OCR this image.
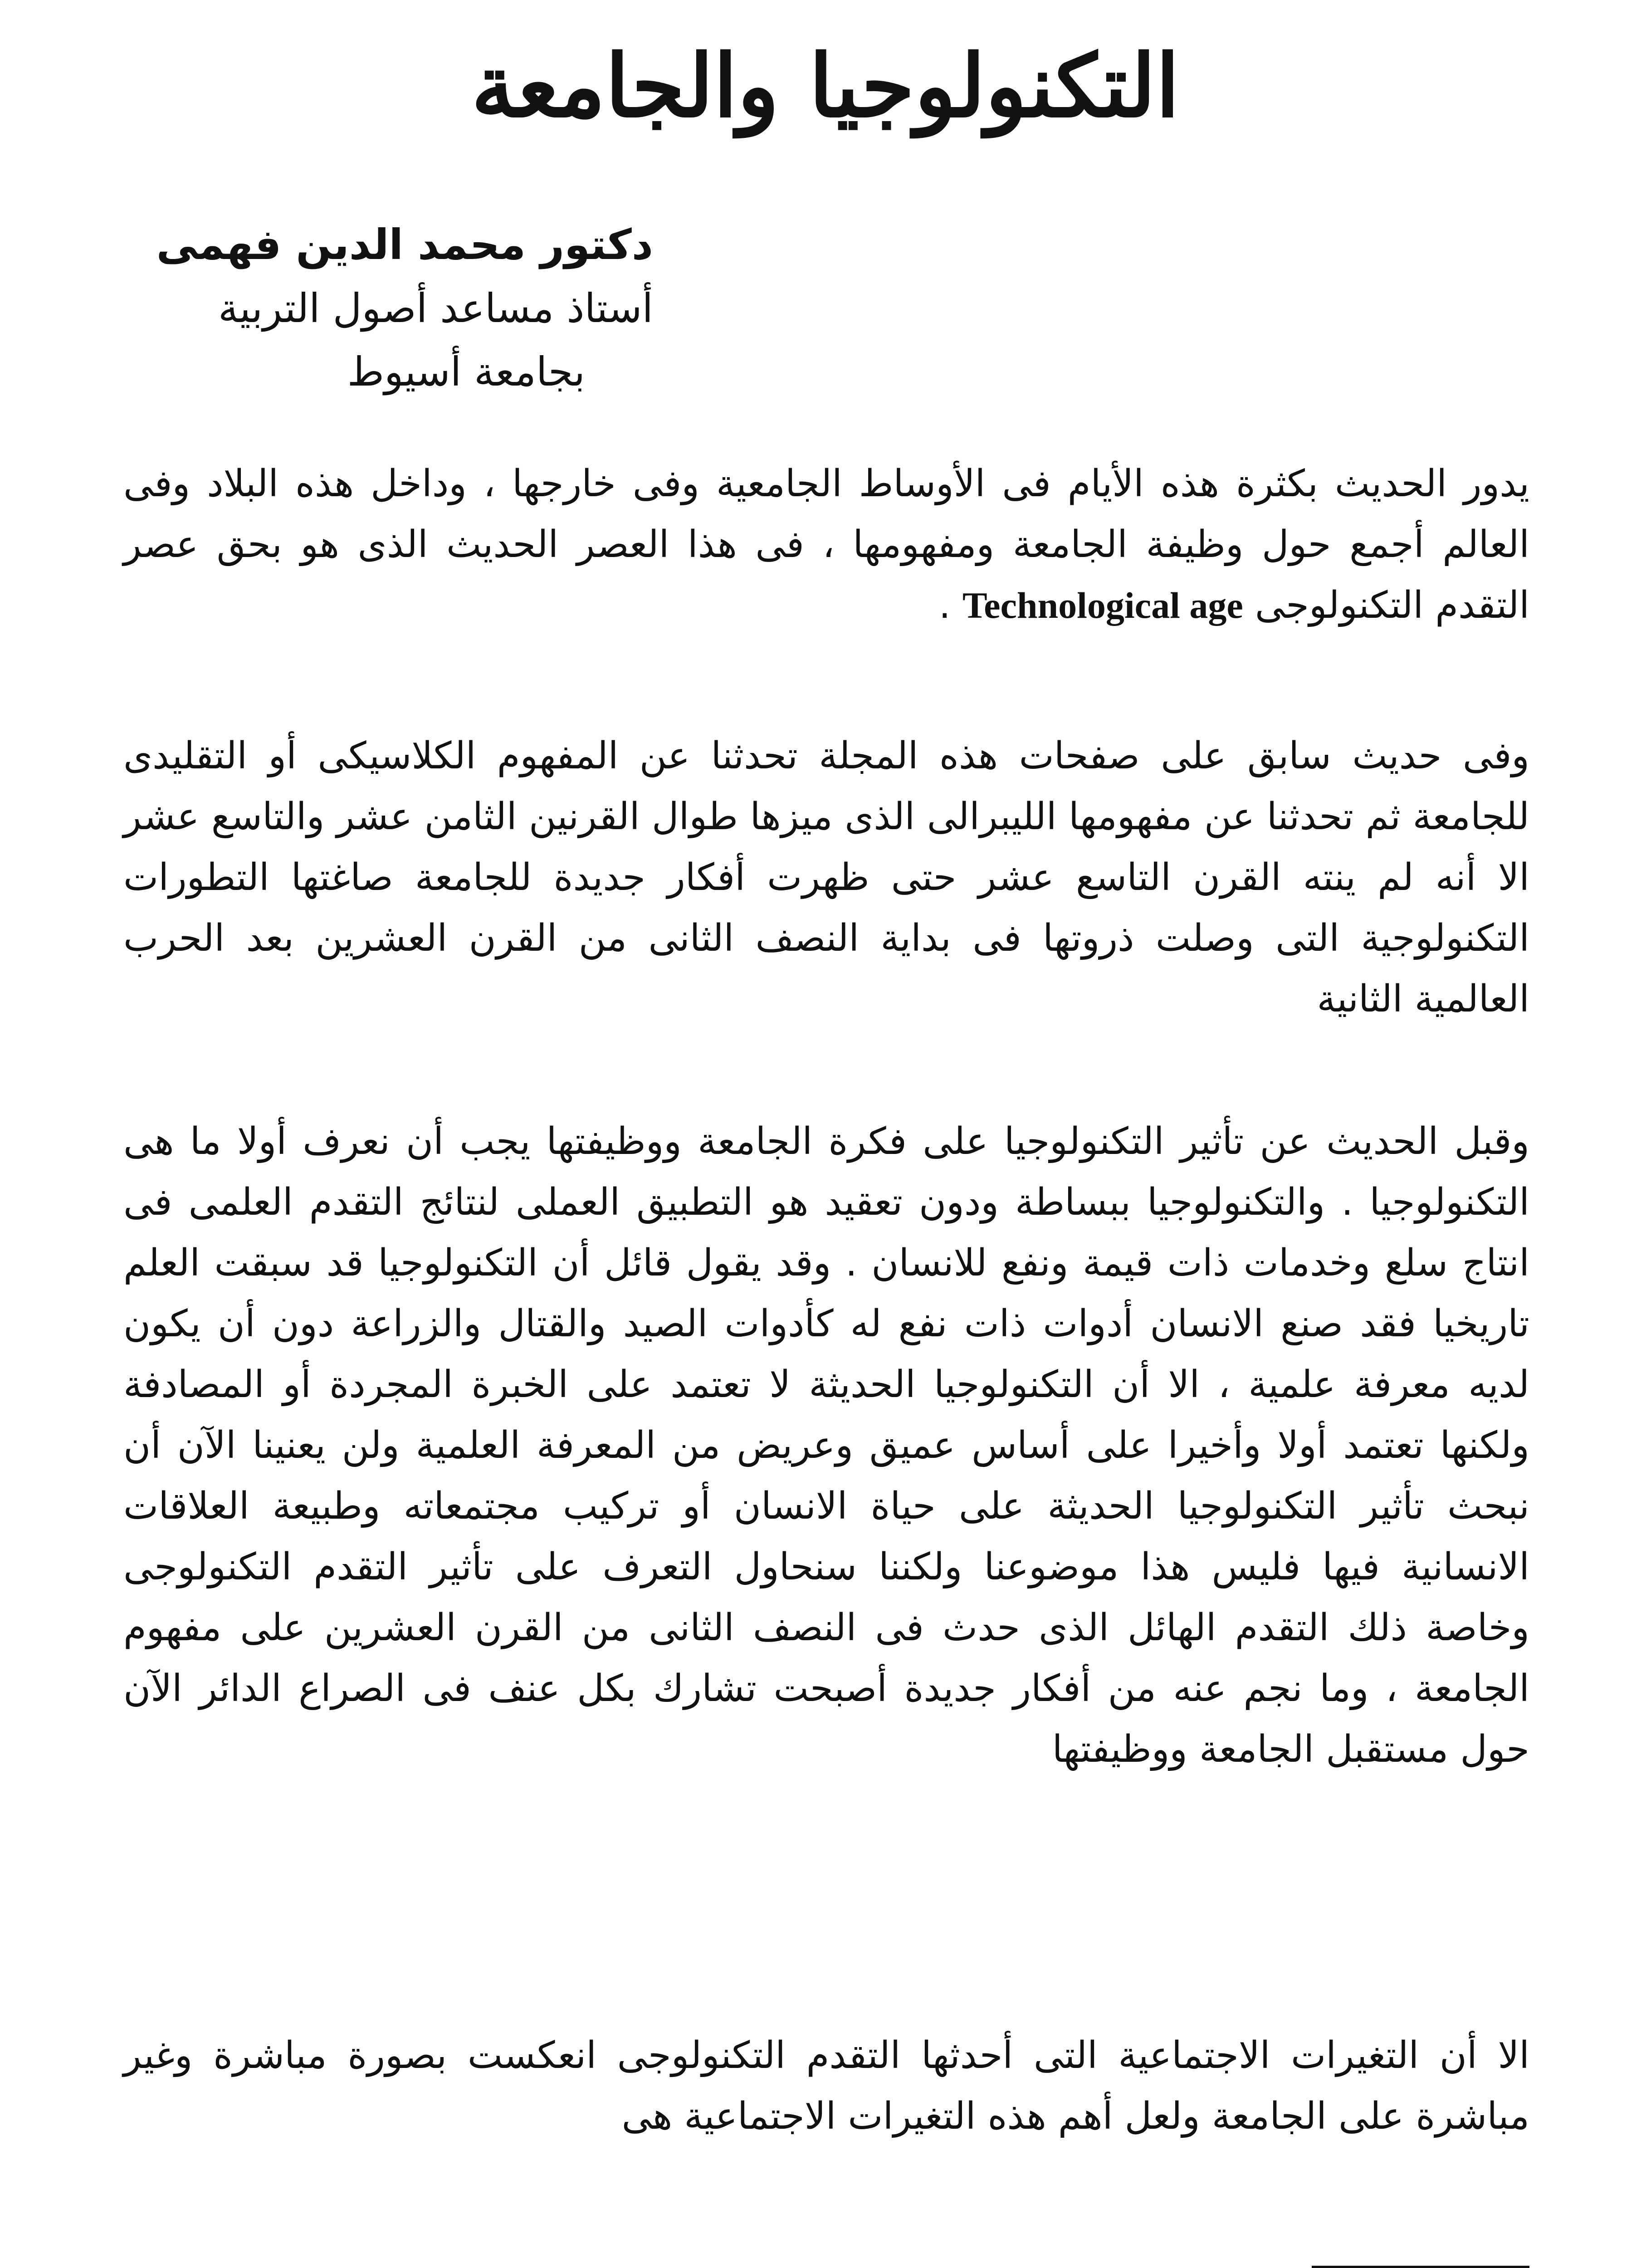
التكنولوجيا والجامعة
دكتور محمد الدين فهمى
أستاذ مساعد أصول التربية
بجامعة أسيوط
يدور الحديث بكثرة هذه الأيام فى الأوساط الجامعية وفى خارجها ، وداخل هذه البلاد وفى العالم أجمع حول وظيفة الجامعة ومفهومها ، فى هذا العصر الحديث الذى هو بحق عصر التقدم التكنولوجى Technological age .
وفى حديث سابق على صفحات هذه المجلة تحدثنا عن المفهوم الكلاسيكى أو التقليدى للجامعة ثم تحدثنا عن مفهومها الليبرالى الذى ميزها طوال القرنين الثامن عشر والتاسع عشر الا أنه لم ينته القرن التاسع عشر حتى ظهرت أفكار جديدة للجامعة صاغتها التطورات التكنولوجية التى وصلت ذروتها فى بداية النصف الثانى من القرن العشرين بعد الحرب العالمية الثانية
وقبل الحديث عن تأثير التكنولوجيا على فكرة الجامعة ووظيفتها يجب أن نعرف أولا ما هى التكنولوجيا . والتكنولوجيا ببساطة ودون تعقيد هو التطبيق العملى لنتائج التقدم العلمى فى انتاج سلع وخدمات ذات قيمة ونفع للانسان . وقد يقول قائل أن التكنولوجيا قد سبقت العلم تاريخيا فقد صنع الانسان أدوات ذات نفع له كأدوات الصيد والقتال والزراعة دون أن يكون لديه معرفة علمية ، الا أن التكنولوجيا الحديثة لا تعتمد على الخبرة المجردة أو المصادفة ولكنها تعتمد أولا وأخيرا على أساس عميق وعريض من المعرفة العلمية ولن يعنينا الآن أن نبحث تأثير التكنولوجيا الحديثة على حياة الانسان أو تركيب مجتمعاته وطبيعة العلاقات الانسانية فيها فليس هذا موضوعنا ولكننا سنحاول التعرف على تأثير التقدم التكنولوجى وخاصة ذلك التقدم الهائل الذى حدث فى النصف الثانى من القرن العشرين على مفهوم الجامعة ، وما نجم عنه من أفكار جديدة أصبحت تشارك بكل عنف فى الصراع الدائر الآن حول مستقبل الجامعة ووظيفتها
الا أن التغيرات الاجتماعية التى أحدثها التقدم التكنولوجى انعكست بصورة مباشرة وغير مباشرة على الجامعة ولعل أهم هذه التغيرات الاجتماعية هى
